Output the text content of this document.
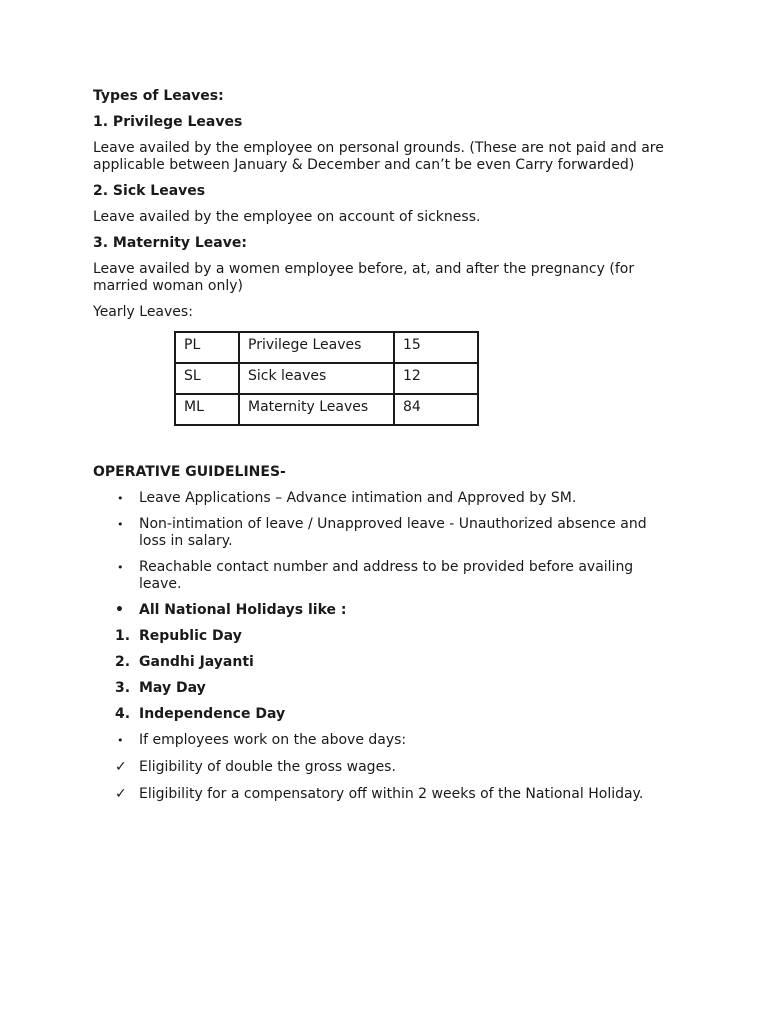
Types of Leaves:
1. Privilege Leaves
Leave availed by the employee on personal grounds. (These are not paid and are
applicable between January & December and can’t be even Carry forwarded)
2. Sick Leaves
Leave availed by the employee on account of sickness.
3. Maternity Leave:
Leave availed by a women employee before, at, and after the pregnancy (for
married woman only)
Yearly Leaves:
PL	Privilege Leaves	15
SL	Sick leaves	12
ML	Maternity Leaves	84
OPERATIVE GUIDELINES-
•	Leave Applications – Advance intimation and Approved by SM.
•	Non-intimation of leave / Unapproved leave - Unauthorized absence and
loss in salary.
•	Reachable contact number and address to be provided before availing
leave.
•	All National Holidays like :
1. Republic Day
2. Gandhi Jayanti
3. May Day
4. Independence Day
•	If employees work on the above days:
✓ Eligibility of double the gross wages.
✓ Eligibility for a compensatory off within 2 weeks of the National Holiday.
